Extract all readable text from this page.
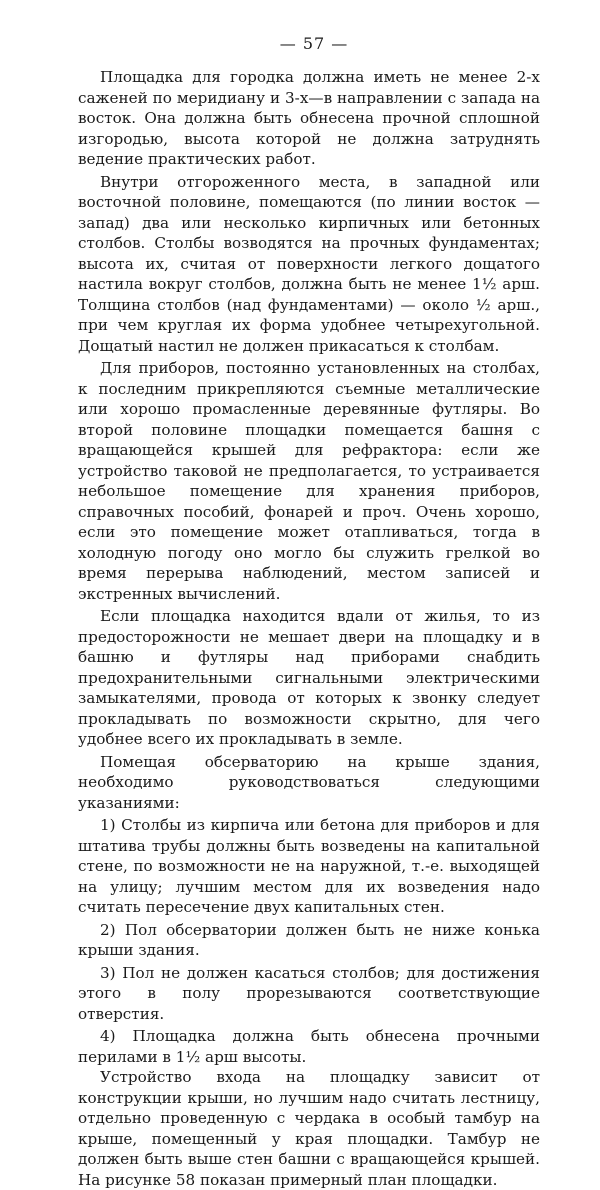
— 57 —

Площадка для городка должна иметь не менее 2-х саженей по меридиану и 3-х—в направлении с запада на восток. Она должна быть обнесена прочной сплошной изгородью, высота которой не должна затруднять ведение практических работ.

Внутри отгороженного места, в западной или восточной половине, помещаются (по линии восток — запад) два или несколько кирпичных или бетонных столбов. Столбы возводятся на прочных фундаментах; высота их, считая от поверхности легкого дощатого настила вокруг столбов, должна быть не менее 1½ арш. Толщина столбов (над фундаментами) — около ½ арш., при чем круглая их форма удобнее четырехугольной. Дощатый настил не должен прикасаться к столбам.

Для приборов, постоянно установленных на столбах, к последним прикрепляются съемные металлические или хорошо промасленные деревянные футляры. Во второй половине площадки помещается башня с вращающейся крышей для рефрактора: если же устройство таковой не предполагается, то устраивается небольшое помещение для хранения приборов, справочных пособий, фонарей и проч. Очень хорошо, если это помещение может отапливаться, тогда в холодную погоду оно могло бы служить грелкой во время перерыва наблюдений, местом записей и экстренных вычислений.

Если площадка находится вдали от жилья, то из предосторожности не мешает двери на площадку и в башню и футляры над приборами снабдить предохранительными сигнальными электрическими замыкателями, провода от которых к звонку следует прокладывать по возможности скрытно, для чего удобнее всего их прокладывать в земле.

Помещая обсерваторию на крыше здания, необходимо руководствоваться следующими указаниями:

1) Столбы из кирпича или бетона для приборов и для штатива трубы должны быть возведены на капитальной стене, по возможности не на наружной, т.-е. выходящей на улицу; лучшим местом для их возведения надо считать пересечение двух капитальных стен.

2) Пол обсерватории должен быть не ниже конька крыши здания.

3) Пол не должен касаться столбов; для достижения этого в полу прорезываются соответствующие отверстия.

4) Площадка должна быть обнесена прочными перилами в 1½ арш высоты.

Устройство входа на площадку зависит от конструкции крыши, но лучшим надо считать лестницу, отдельно проведенную с чердака в особый тамбур на крыше, помещенный у края площадки. Тамбур не должен быть выше стен башни с вращающейся крышей. На рисунке 58 показан примерный план площадки.
